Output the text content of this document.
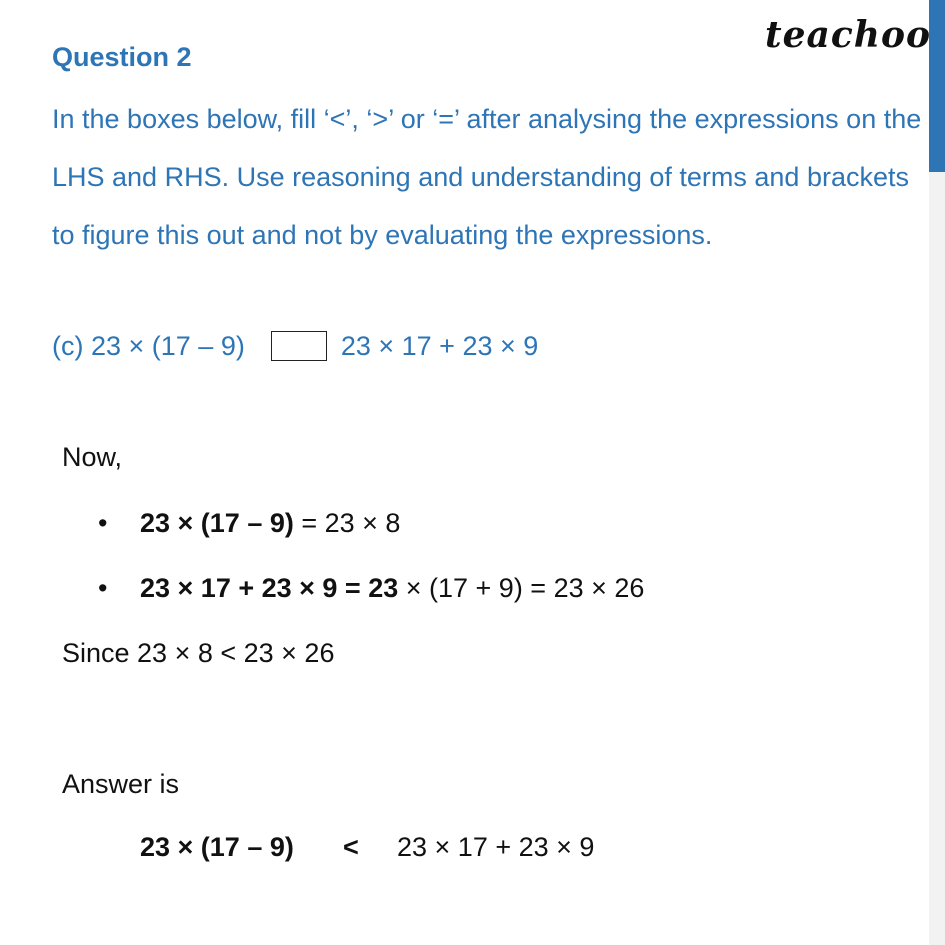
teachoo
Question 2
In the boxes below, fill ‘<’, ‘>’ or ‘=’ after analysing the expressions on the LHS and RHS. Use reasoning and understanding of terms and brackets to figure this out and not by evaluating the expressions.
(c) 23 × (17 – 9)	23 × 17 + 23 × 9
Now,
• 23 × (17 – 9) = 23 × 8
• 23 × 17 + 23 × 9 = 23 × (17 + 9) = 23 × 26
Since 23 × 8 < 23 × 26
Answer is
23 × (17 – 9) < 23 × 17 + 23 × 9
